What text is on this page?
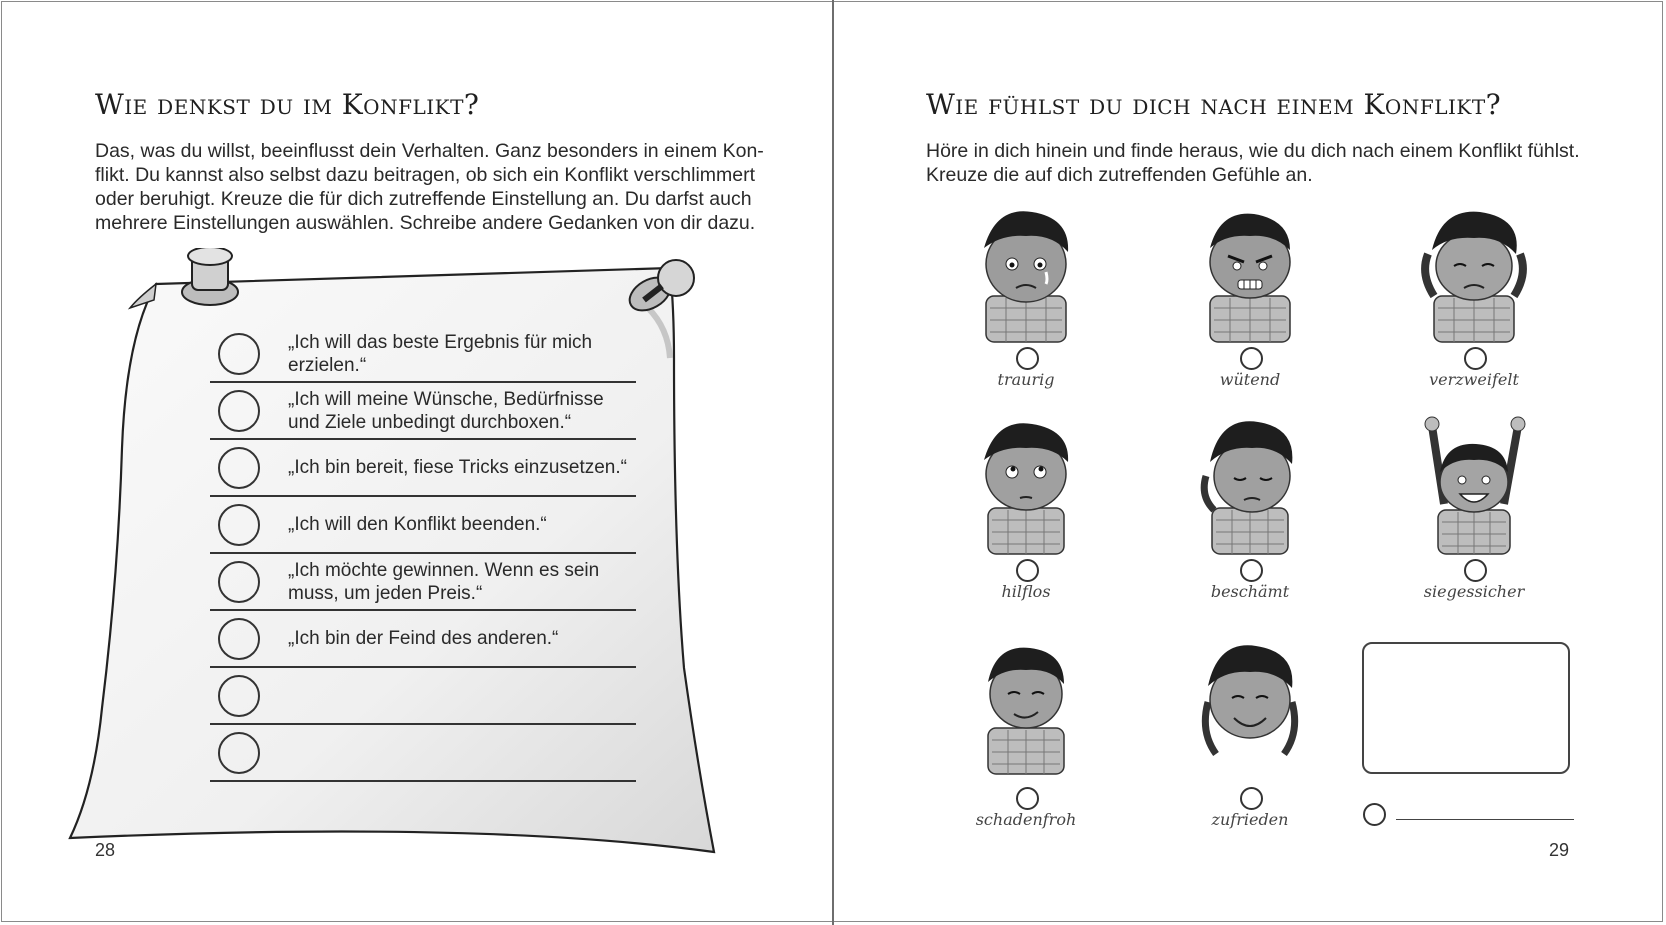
Wie denkst du im Konflikt?

Das, was du willst, beeinflusst dein Verhalten. Ganz besonders in einem Kon-
flikt. Du kannst also selbst dazu beitragen, ob sich ein Konflikt verschlimmert
oder beruhigt. Kreuze die für dich zutreffende Einstellung an. Du darfst auch
mehrere Einstellungen auswählen. Schreibe andere Gedanken von dir dazu.

„Ich will das beste Ergebnis für mich
erzielen.“
„Ich will meine Wünsche, Bedürfnisse
und Ziele unbedingt durchboxen.“
„Ich bin bereit, fiese Tricks einzusetzen.“
„Ich will den Konflikt beenden.“
„Ich möchte gewinnen. Wenn es sein
muss, um jeden Preis.“
„Ich bin der Feind des anderen.“
28
Wie fühlst du dich nach einem Konflikt?

Höre in dich hinein und finde heraus, wie du dich nach einem Konflikt fühlst.
Kreuze die auf dich zutreffenden Gefühle an.

traurig	wütend	verzweifelt
hilflos	beschämt	siegessicher
schadenfroh	zufrieden
29
